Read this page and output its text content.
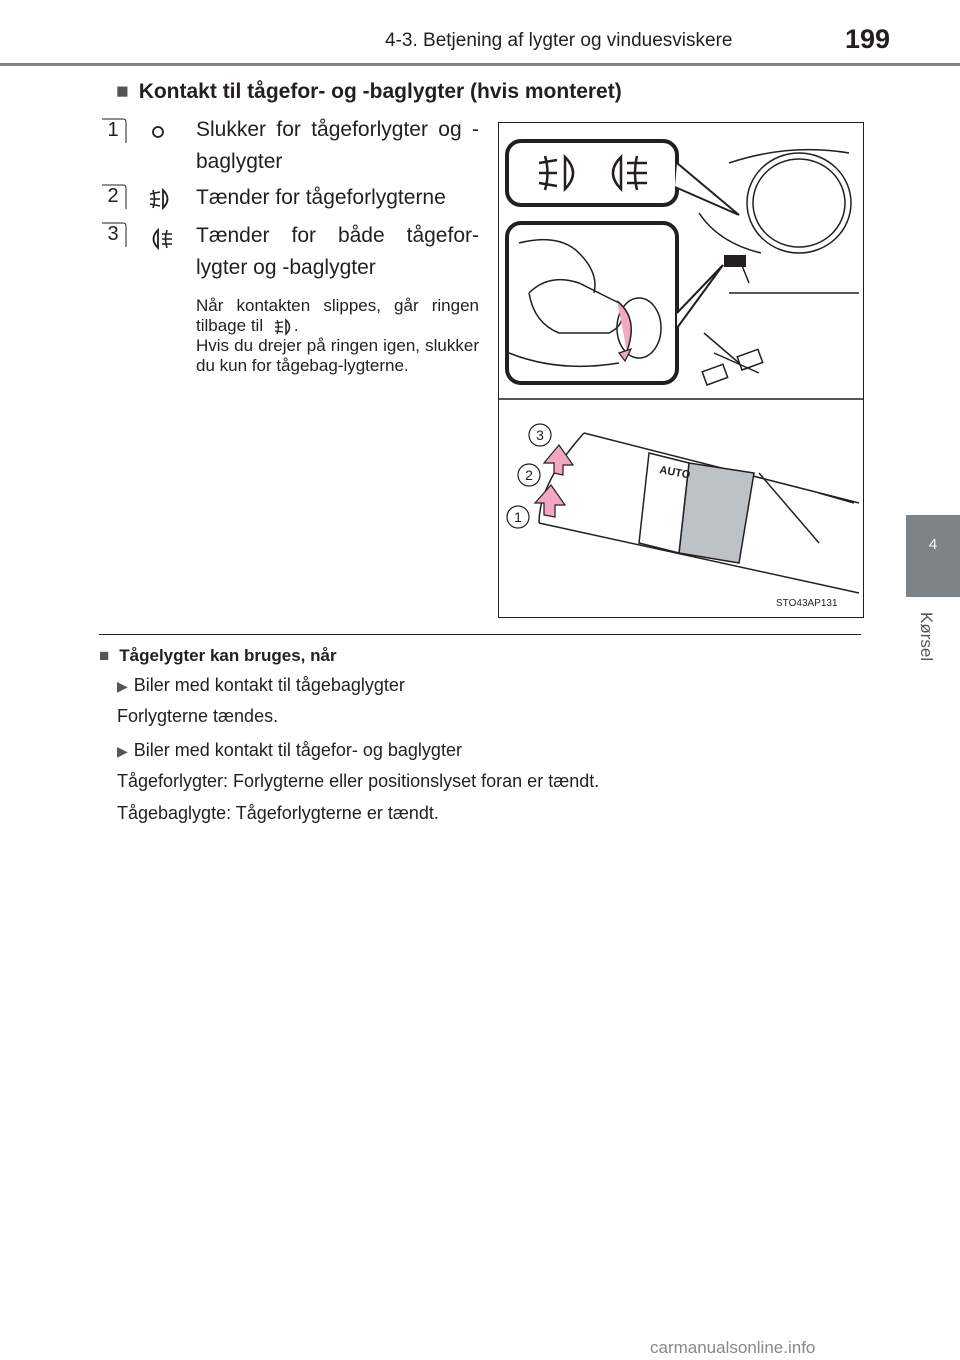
4-3. Betjening af lygter og vinduesviskere	199
4
Kørsel
■ Kontakt til tågefor- og -baglygter (hvis monteret)
1	Slukker for tågeforlygter og -baglygter
2	Tænder for tågeforlygterne
3	Tænder for både tågefor-lygter og -baglygter
Når kontakten slippes, går ringen tilbage til .
Hvis du drejer på ringen igen, slukker du kun for tågebag-lygterne.
AUTO
3
2
1
STO43AP131
■ Tågelygter kan bruges, når
▶ Biler med kontakt til tågebaglygter
Forlygterne tændes.
▶ Biler med kontakt til tågefor- og baglygter
Tågeforlygter: Forlygterne eller positionslyset foran er tændt.
Tågebaglygte: Tågeforlygterne er tændt.
carmanualsonline.info
